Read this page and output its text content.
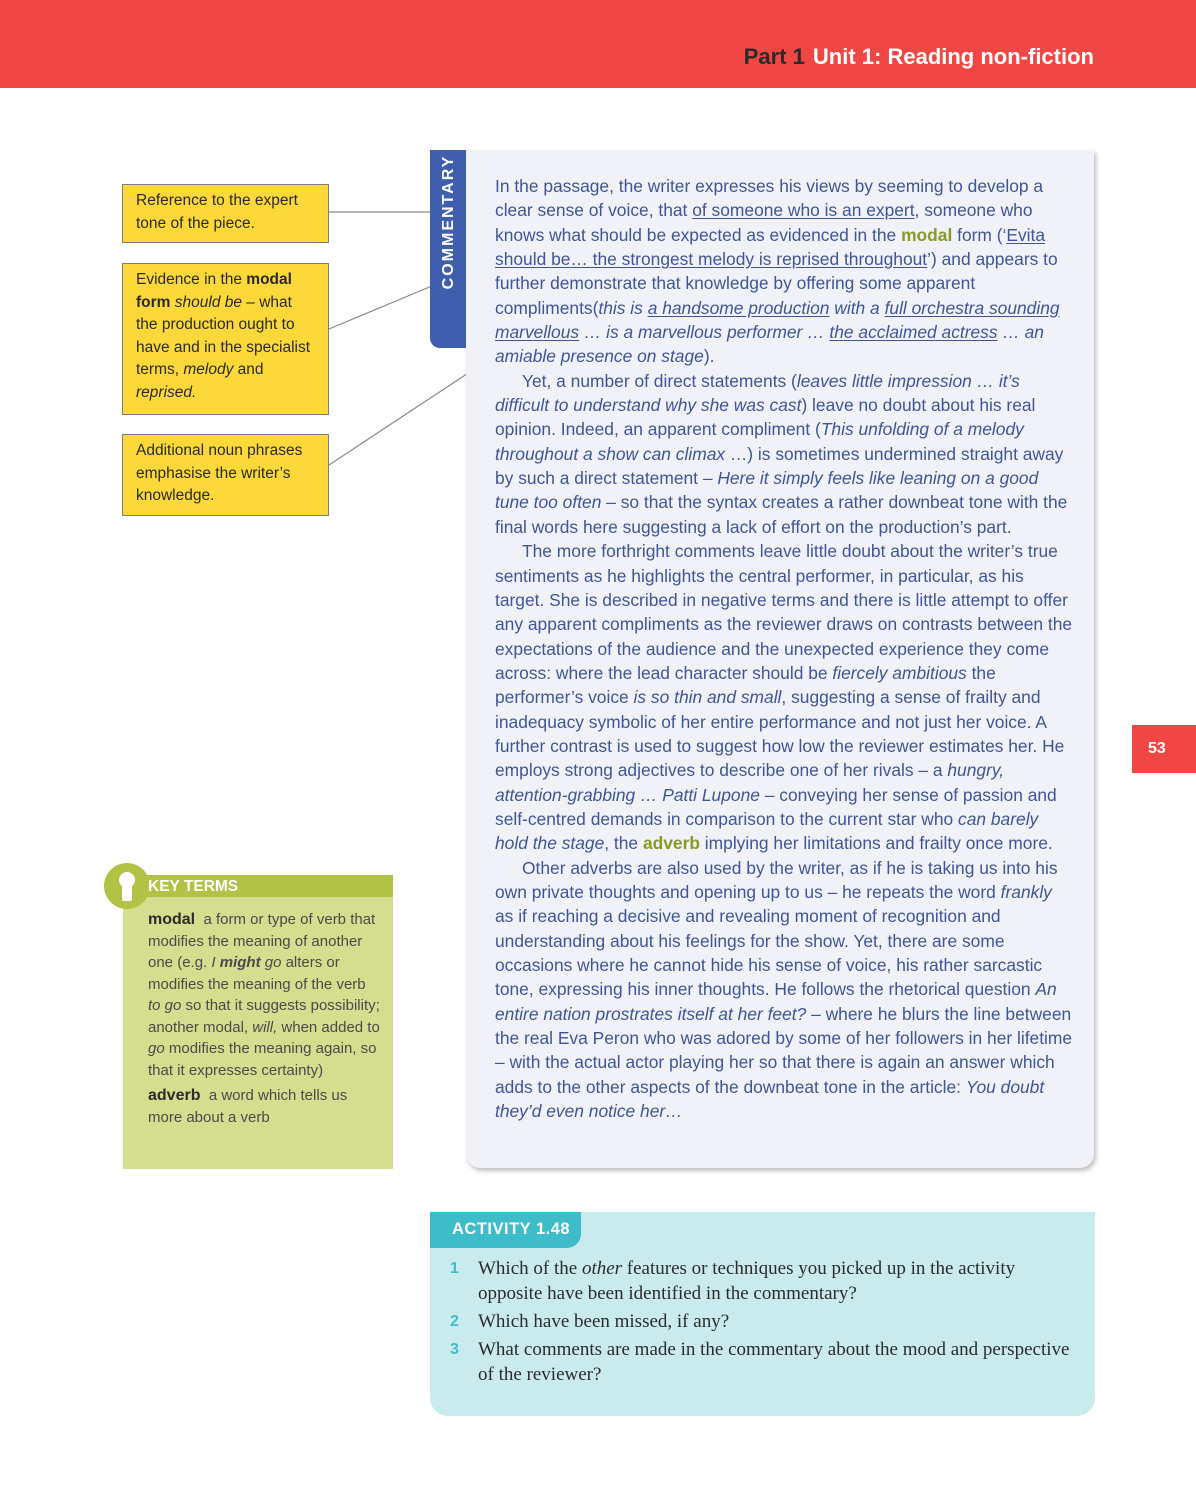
Part 1 Unit 1: Reading non-fiction
53
Reference to the expert tone of the piece.
Evidence in the modal form should be – what the production ought to have and in the specialist terms, melody and reprised.
Additional noun phrases emphasise the writer’s knowledge.
COMMENTARY In the passage, the writer expresses his views by seeming to develop a clear sense of voice, that of someone who is an expert, someone who knows what should be expected as evidenced in the modal form (‘Evita should be… the strongest melody is reprised throughout’) and appears to further demonstrate that knowledge by offering some apparent compliments(this is a handsome production with a full orchestra sounding marvellous … is a marvellous performer … the acclaimed actress … an amiable presence on stage).

Yet, a number of direct statements (leaves little impression … it’s difficult to understand why she was cast) leave no doubt about his real opinion. Indeed, an apparent compliment (This unfolding of a melody throughout a show can climax …) is sometimes undermined straight away by such a direct statement – Here it simply feels like leaning on a good tune too often – so that the syntax creates a rather downbeat tone with the final words here suggesting a lack of effort on the production’s part.

The more forthright comments leave little doubt about the writer’s true sentiments as he highlights the central performer, in particular, as his target. She is described in negative terms and there is little attempt to offer any apparent compliments as the reviewer draws on contrasts between the expectations of the audience and the unexpected experience they come across: where the lead character should be fiercely ambitious the performer’s voice is so thin and small, suggesting a sense of frailty and inadequacy symbolic of her entire performance and not just her voice. A further contrast is used to suggest how low the reviewer estimates her. He employs strong adjectives to describe one of her rivals – a hungry, attention-grabbing … Patti Lupone – conveying her sense of passion and self-centred demands in comparison to the current star who can barely hold the stage, the adverb implying her limitations and frailty once more.

Other adverbs are also used by the writer, as if he is taking us into his own private thoughts and opening up to us – he repeats the word frankly as if reaching a decisive and revealing moment of recognition and understanding about his feelings for the show. Yet, there are some occasions where he cannot hide his sense of voice, his rather sarcastic tone, expressing his inner thoughts. He follows the rhetorical question An entire nation prostrates itself at her feet? – where he blurs the line between the real Eva Peron who was adored by some of her followers in her lifetime – with the actual actor playing her so that there is again an answer which adds to the other aspects of the downbeat tone in the article: You doubt they’d even notice her…

KEY TERMS

modal a form or type of verb that modifies the meaning of another one (e.g. I might go alters or modifies the meaning of the verb to go so that it suggests possibility; another modal, will, when added to go modifies the meaning again, so that it expresses certainty)

adverb a word which tells us more about a verb

ACTIVITY 1.48
1 Which of the other features or techniques you picked up in the activity opposite have been identified in the commentary?
2 Which have been missed, if any?
3 What comments are made in the commentary about the mood and perspective of the reviewer?
